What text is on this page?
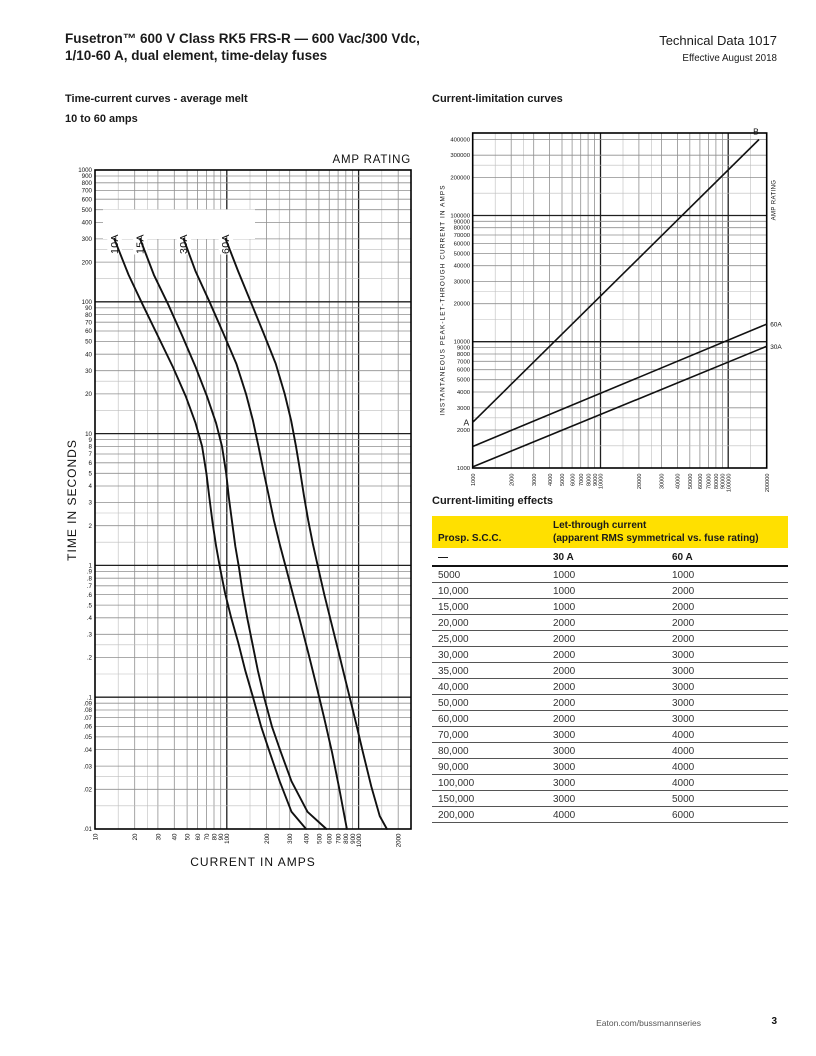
Fusetron™ 600 V Class RK5 FRS-R — 600 Vac/300 Vdc,
1/10-60 A, dual element, time-delay fuses
Technical Data 1017
Effective August 2018
Time-current curves - average melt
10 to 60 amps
Current-limitation curves
10A 15A	30A	60A
1000
900
800
700
600
500
400
300
200
100
90
80
70
60
50
40
30
20
10
9
8
7
6
5
4
3
2
1
.9
.8
.7
.6
.5
.4
.3
.2
.1
.09
.08
.07
.06
.05
.04
.03
.02
.01
10	20	30 40 50 60 70 80 90 100	200	300 400 500 600 700 800 900 1000	2000
AMP RATING
CURRENT IN AMPS
TIME IN SECONDS
A
B
60A
30A
400000
300000
200000
100000
90000
80000
70000
60000
50000
40000
30000
20000
10000
9000
8000
7000
6000
5000
4000
3000
2000
1000
1000	2000	3000 4000 5000 6000 7000 8000 9000 10000	20000	30000 40000 50000 60000 70000 80000 90000 100000	200000
INSTANTANEOUS PEAK-LET-THROUGH CURRENT IN AMPS	AMP RATING
Current-limiting effects
Prosp. S.C.C.	Let-through current
(apparent RMS symmetrical vs. fuse rating)	

—	30 A	60 A
5000	1000	1000
10,000	1000	2000
15,000	1000	2000
20,000	2000	2000
25,000	2000	2000
30,000	2000	3000
35,000	2000	3000
40,000	2000	3000
50,000	2000	3000
60,000	2000	3000
70,000	3000	4000
80,000	3000	4000
90,000	3000	4000
100,000	3000	4000
150,000	3000	5000
200,000	4000	6000
Eaton.com/bussmannseries	3
